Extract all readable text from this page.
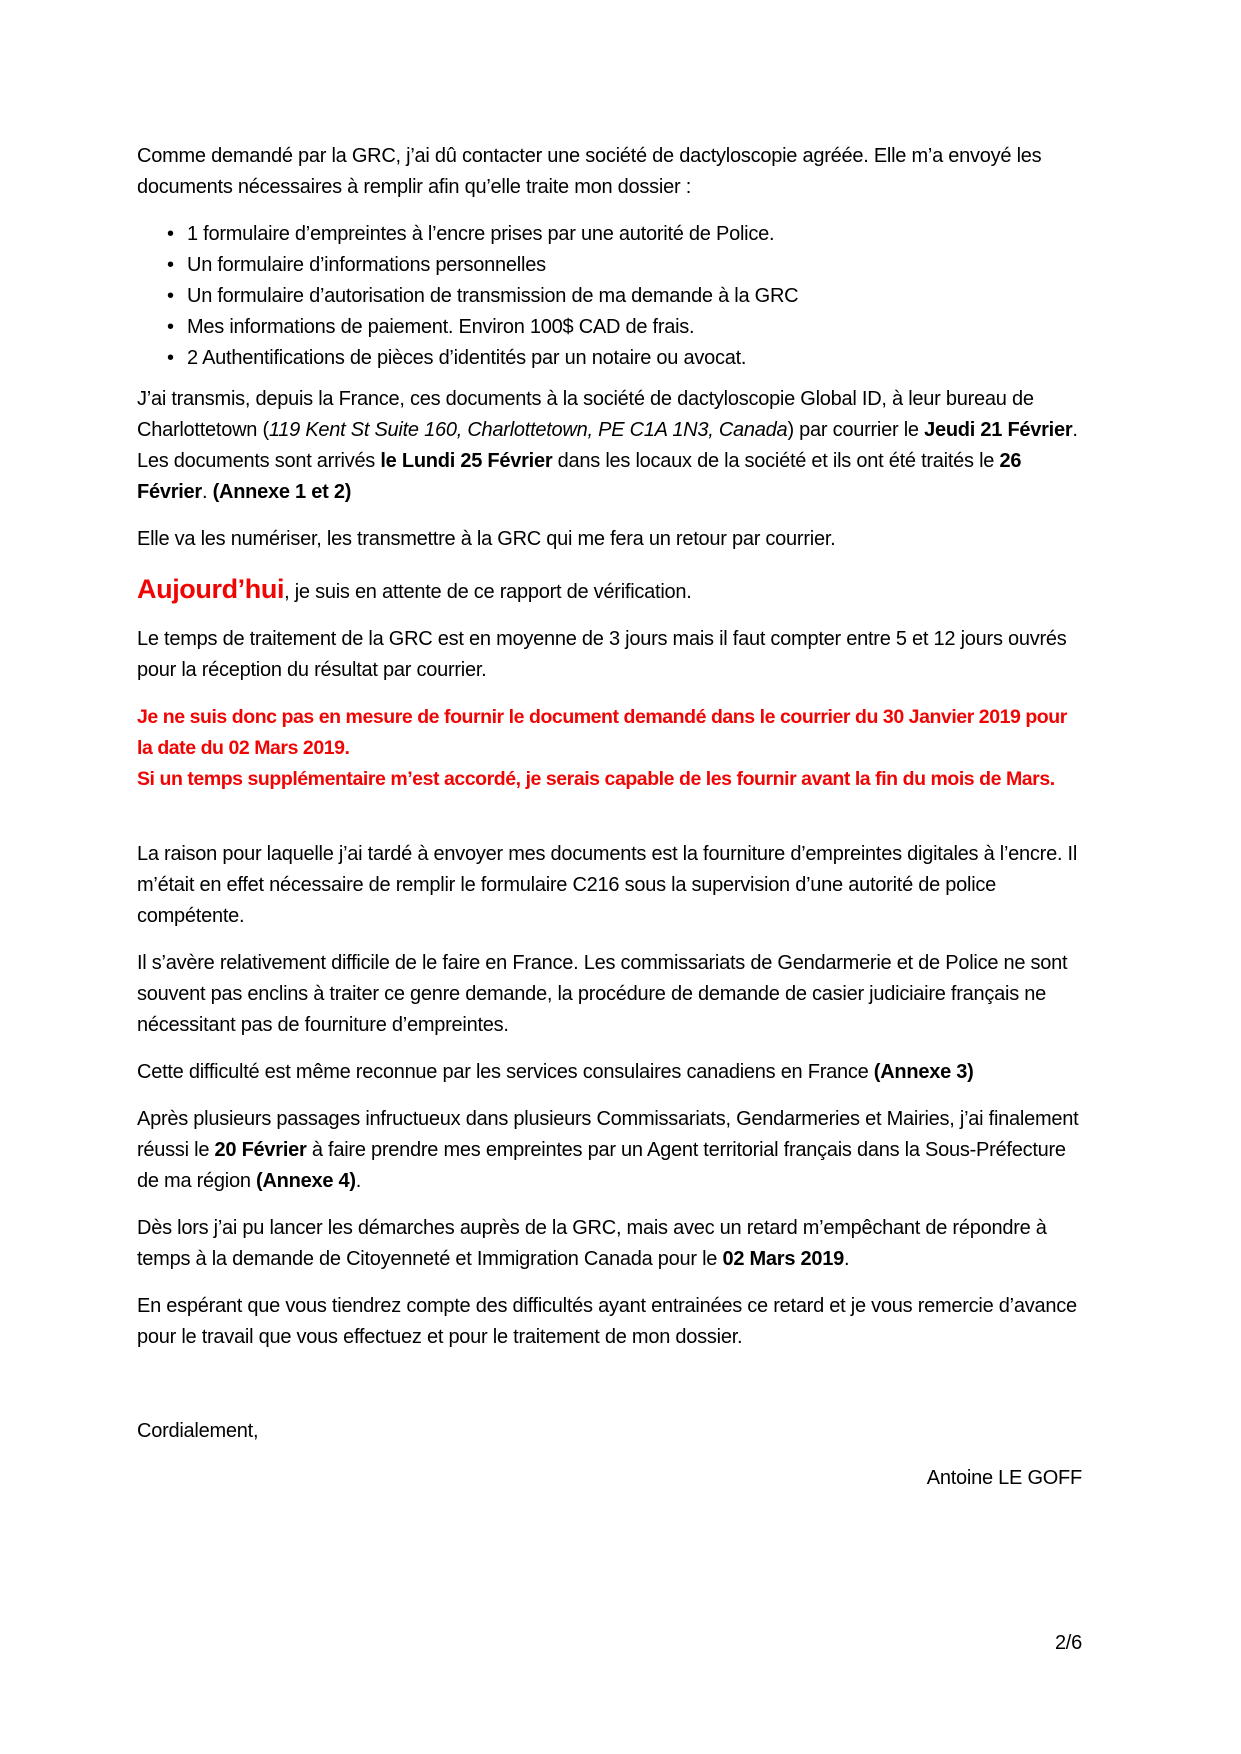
Comme demandé par la GRC, j’ai dû contacter une société de dactyloscopie agréée. Elle m’a envoyé les documents nécessaires à remplir afin qu’elle traite mon dossier :

• 1 formulaire d’empreintes à l’encre prises par une autorité de Police.
• Un formulaire d’informations personnelles
• Un formulaire d’autorisation de transmission de ma demande à la GRC
• Mes informations de paiement. Environ 100$ CAD de frais.
• 2 Authentifications de pièces d’identités par un notaire ou avocat.

J’ai transmis, depuis la France, ces documents à la société de dactyloscopie Global ID, à leur bureau de Charlottetown (119 Kent St Suite 160, Charlottetown, PE C1A 1N3, Canada) par courrier le Jeudi 21 Février. Les documents sont arrivés le Lundi 25 Février dans les locaux de la société et ils ont été traités le 26 Février. (Annexe 1 et 2)

Elle va les numériser, les transmettre à la GRC qui me fera un retour par courrier.

Aujourd’hui, je suis en attente de ce rapport de vérification.

Le temps de traitement de la GRC est en moyenne de 3 jours mais il faut compter entre 5 et 12 jours ouvrés pour la réception du résultat par courrier.

Je ne suis donc pas en mesure de fournir le document demandé dans le courrier du 30 Janvier 2019 pour la date du 02 Mars 2019.
Si un temps supplémentaire m’est accordé, je serais capable de les fournir avant la fin du mois de Mars.

La raison pour laquelle j’ai tardé à envoyer mes documents est la fourniture d’empreintes digitales à l’encre. Il m’était en effet nécessaire de remplir le formulaire C216 sous la supervision d’une autorité de police compétente.

Il s’avère relativement difficile de le faire en France. Les commissariats de Gendarmerie et de Police ne sont souvent pas enclins à traiter ce genre demande, la procédure de demande de casier judiciaire français ne nécessitant pas de fourniture d’empreintes.

Cette difficulté est même reconnue par les services consulaires canadiens en France (Annexe 3)

Après plusieurs passages infructueux dans plusieurs Commissariats, Gendarmeries et Mairies, j’ai finalement réussi le 20 Février à faire prendre mes empreintes par un Agent territorial français dans la Sous-Préfecture de ma région (Annexe 4).

Dès lors j’ai pu lancer les démarches auprès de la GRC, mais avec un retard m’empêchant de répondre à temps à la demande de Citoyenneté et Immigration Canada pour le 02 Mars 2019.

En espérant que vous tiendrez compte des difficultés ayant entrainées ce retard et je vous remercie d’avance pour le travail que vous effectuez et pour le traitement de mon dossier.

Cordialement,

Antoine LE GOFF

2/6
